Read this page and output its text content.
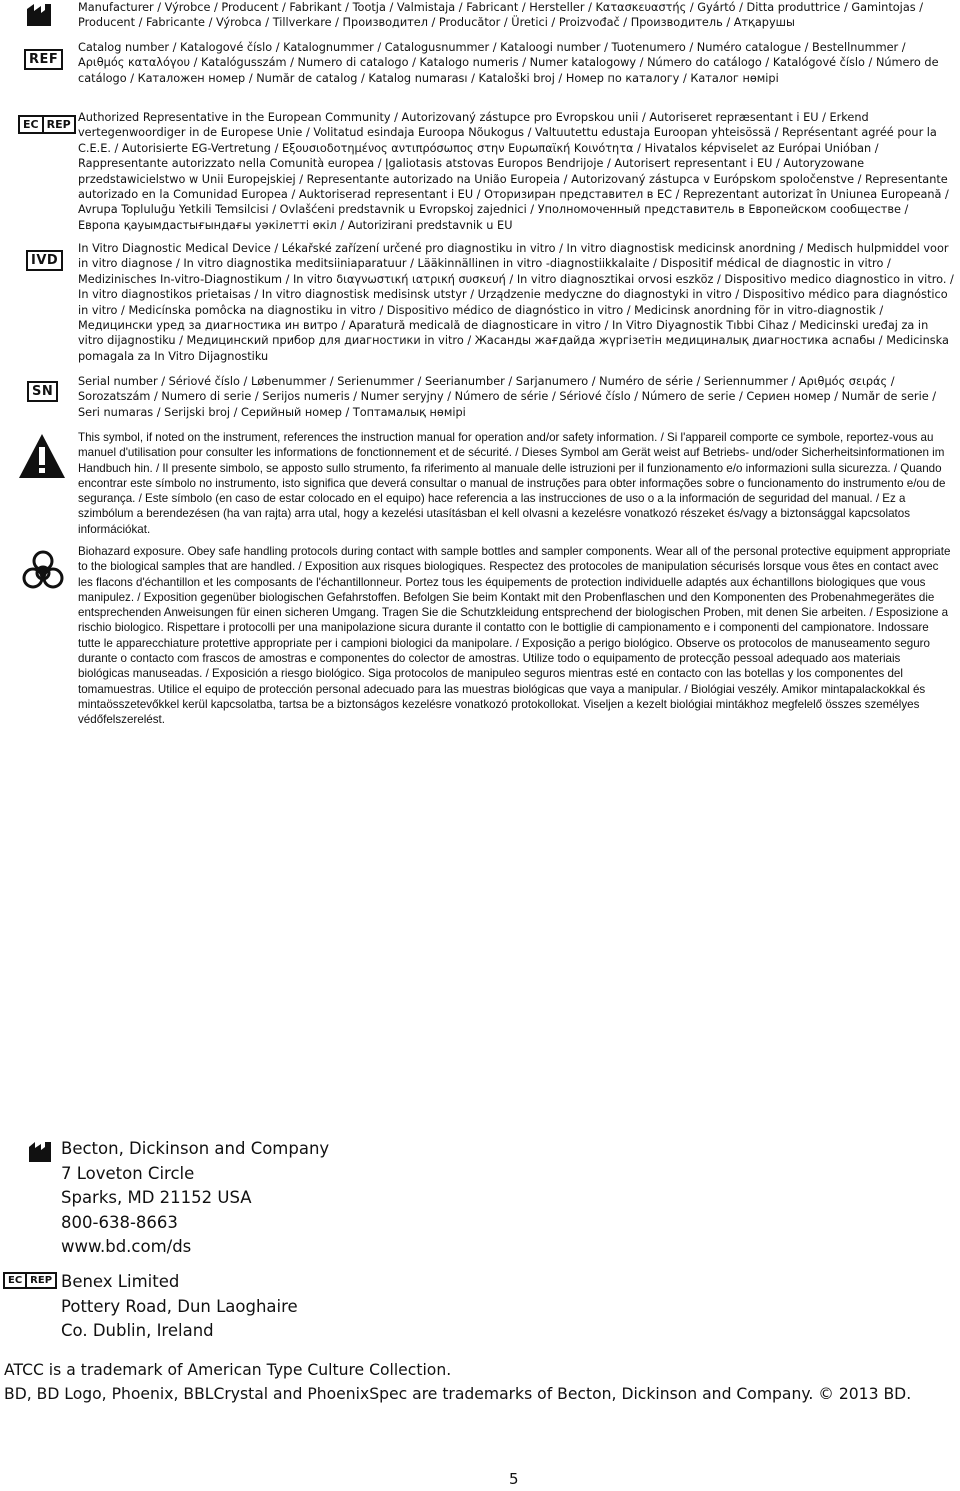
Manufacturer / Výrobce / Producent / Fabrikant / Tootja / Valmistaja / Fabricant / Hersteller / Κατασκευαστής / Gyártó / Ditta produttrice / Gamintojas / Producent / Fabricante / Výrobca / Tillverkare / Производител / Producător / Üretici / Proizvođač / Производитель / Атқарушы
REF
Catalog number / Katalogové číslo / Katalognummer / Catalogusnummer / Kataloogi number / Tuotenumero / Numéro catalogue / Bestellnummer / Αριθμός καταλόγου / Katalógusszám / Numero di catalogo / Katalogo numeris / Numer katalogowy / Número do catálogo / Katalógové číslo / Número de catálogo / Каталожен номер / Număr de catalog / Katalog numarası / Kataloški broj / Номер по каталогу / Каталог нөмірі
EC REP
Authorized Representative in the European Community / Autorizovaný zástupce pro Evropskou unii / Autoriseret repræsentant i EU / Erkend vertegenwoordiger in de Europese Unie / Volitatud esindaja Euroopa Nõukogus / Valtuutettu edustaja Euroopan yhteisössä / Représentant agréé pour la C.E.E. / Autorisierte EG-Vertretung / Εξουσιοδοτημένος αντιπρόσωπος στην Ευρωπαϊκή Κοινότητα / Hivatalos képviselet az Európai Unióban / Rappresentante autorizzato nella Comunità europea / Įgaliotasis atstovas Europos Bendrijoje / Autorisert representant i EU / Autoryzowane przedstawicielstwo w Unii Europejskiej / Representante autorizado na União Europeia / Autorizovaný zástupca v Európskom spoločenstve / Representante autorizado en la Comunidad Europea / Auktoriserad representant i EU / Оторизиран представител в ЕС / Reprezentant autorizat în Uniunea Europeană / Avrupa Topluluğu Yetkili Temsilcisi / Ovlašćeni predstavnik u Evropskoj zajednici / Уполномоченный представитель в Европейском сообществе / Европа қауымдастығындағы уәкілетті өкіл / Autorizirani predstavnik u EU
IVD
In Vitro Diagnostic Medical Device / Lékařské zařízení určené pro diagnostiku in vitro / In vitro diagnostisk medicinsk anordning / Medisch hulpmiddel voor in vitro diagnose / In vitro diagnostika meditsiiniaparatuur / Lääkinnällinen in vitro -diagnostiikkalaite / Dispositif médical de diagnostic in vitro / Medizinisches In-vitro-Diagnostikum / In vitro διαγνωστική ιατρική συσκευή / In vitro diagnosztikai orvosi eszköz / Dispositivo medico diagnostico in vitro. / In vitro diagnostikos prietaisas / In vitro diagnostisk medisinsk utstyr / Urządzenie medyczne do diagnostyki in vitro / Dispositivo médico para diagnóstico in vitro / Medicínska pomôcka na diagnostiku in vitro / Dispositivo médico de diagnóstico in vitro / Medicinsk anordning för in vitro-diagnostik / Медицински уред за диагностика ин витро / Aparatură medicală de diagnosticare in vitro / In Vitro Diyagnostik Tıbbi Cihaz / Medicinski uređaj za in vitro dijagnostiku / Медицинский прибор для диагностики in vitro / Жасанды жағдайда жүргізетін медициналық диагностика аспабы / Medicinska pomagala za In Vitro Dijagnostiku
SN
Serial number / Sériové číslo / Løbenummer / Serienummer / Seerianumber / Sarjanumero / Numéro de série / Seriennummer / Αριθμός σειράς / Sorozatszám / Numero di serie / Serijos numeris / Numer seryjny / Número de série / Sériové číslo / Número de serie / Сериен номер / Număr de serie / Seri numaras / Serijski broj / Серийный номер / Топтамалық нөмірі
This symbol, if noted on the instrument, references the instruction manual for operation and/or safety information. / Si l'appareil comporte ce symbole, reportez-vous au manuel d'utilisation pour consulter les informations de fonctionnement et de sécurité. / Dieses Symbol am Gerät weist auf Betriebs- und/oder Sicherheitsinformationen im Handbuch hin. / Il presente simbolo, se apposto sullo strumento, fa riferimento al manuale delle istruzioni per il funzionamento e/o informazioni sulla sicurezza. / Quando encontrar este símbolo no instrumento, isto significa que deverá consultar o manual de instruções para obter informações sobre o funcionamento do instrumento e/ou de segurança. / Este símbolo (en caso de estar colocado en el equipo) hace referencia a las instrucciones de uso o a la información de seguridad del manual. / Ez a szimbólum a berendezésen (ha van rajta) arra utal, hogy a kezelési utasításban el kell olvasni a kezelésre vonatkozó részeket és/vagy a biztonsággal kapcsolatos információkat.
Biohazard exposure. Obey safe handling protocols during contact with sample bottles and sampler components. Wear all of the personal protective equipment appropriate to the biological samples that are handled. / Exposition aux risques biologiques. Respectez des protocoles de manipulation sécurisés lorsque vous êtes en contact avec les flacons d'échantillon et les composants de l'échantillonneur. Portez tous les équipements de protection individuelle adaptés aux échantillons biologiques que vous manipulez. / Exposition gegenüber biologischen Gefahrstoffen. Befolgen Sie beim Kontakt mit den Probenflaschen und den Komponenten des Probenahmegerätes die entsprechenden Anweisungen für einen sicheren Umgang. Tragen Sie die Schutzkleidung entsprechend der biologischen Proben, mit denen Sie arbeiten. / Esposizione a rischio biologico. Rispettare i protocolli per una manipolazione sicura durante il contatto con le bottiglie di campionamento e i componenti del campionatore. Indossare tutte le apparecchiature protettive appropriate per i campioni biologici da manipolare. / Exposição a perigo biológico. Observe os protocolos de manuseamento seguro durante o contacto com frascos de amostras e componentes do colector de amostras. Utilize todo o equipamento de protecção pessoal adequado aos materiais biológicas manuseadas. / Exposición a riesgo biológico. Siga protocolos de manipuleo seguros mientras esté en contacto con las botellas y los componentes del tomamuestras. Utilice el equipo de protección personal adecuado para las muestras biológicas que vaya a manipular. / Biológiai veszély. Amikor mintapalackokkal és mintaösszetevőkkel kerül kapcsolatba, tartsa be a biztonságos kezelésre vonatkozó protokollokat. Viseljen a kezelt biológiai mintákhoz megfelelő összes személyes védőfelszerelést.
Becton, Dickinson and Company
7 Loveton Circle
Sparks, MD 21152 USA
800-638-8663
www.bd.com/ds
EC REP Benex Limited
Pottery Road, Dun Laoghaire
Co. Dublin, Ireland
ATCC is a trademark of American Type Culture Collection.
BD, BD Logo, Phoenix, BBLCrystal and PhoenixSpec are trademarks of Becton, Dickinson and Company. © 2013 BD.
5
